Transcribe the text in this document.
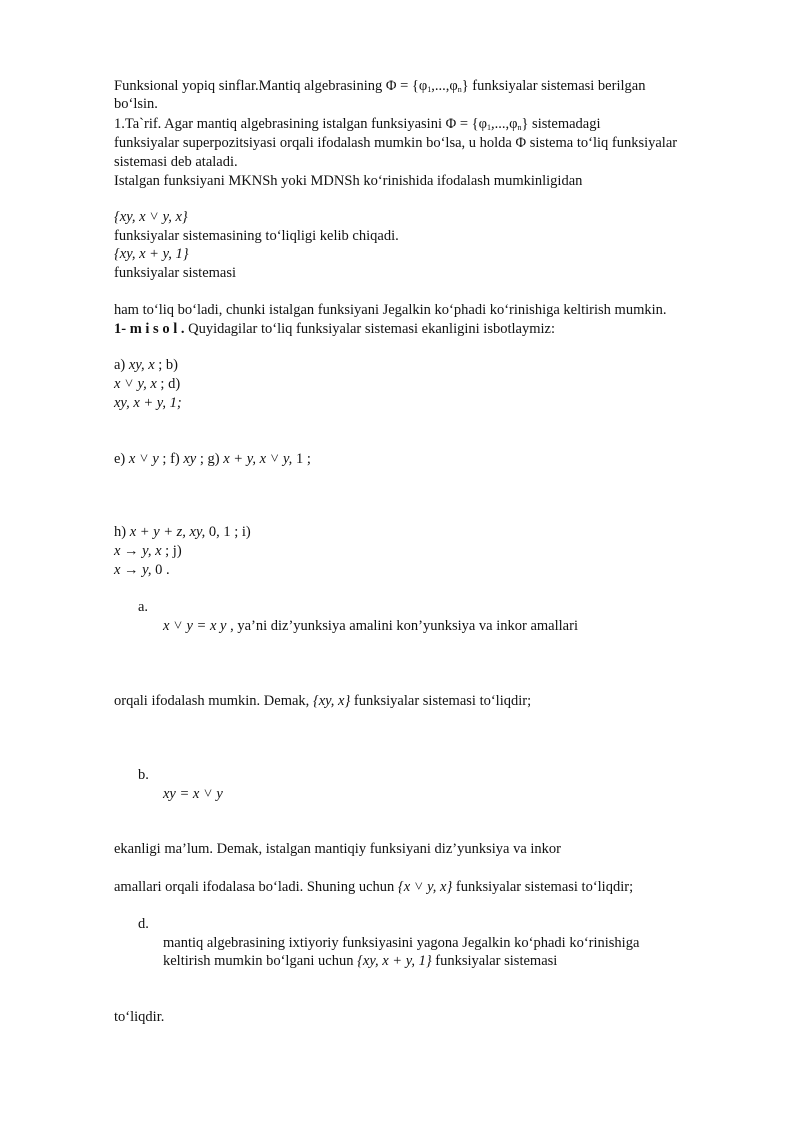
Funksional yopiq sinflar.Mantiq algebrasining $\Phi = \{\varphi_1,...,\varphi_n\}$ funksiyalar sistemasi berilgan

bo‘lsin.

1.Ta`rif. Agar mantiq algebrasining istalgan funksiyasini $\Phi = \{\varphi_1,...,\varphi_n\}$ sistemadagi

funksiyalar superpozitsiyasi orqali ifodalash mumkin bo‘lsa, u holda Φ sistema to‘liq funksiyalar

sistemasi deb ataladi.

Istalgan funksiyani MKNSh yoki MDNSh ko‘rinishida ifodalash mumkinligidan

{xy, x ˅ y, x}

funksiyalar sistemasining to‘liqligi kelib chiqadi.

{xy, x + y, 1}

funksiyalar sistemasi

ham to‘liq bo‘ladi, chunki istalgan funksiyani Jegalkin ko‘phadi ko‘rinishiga keltirish mumkin.

1- m i s o l . Quyidagilar to‘liq funksiyalar sistemasi ekanligini isbotlaymiz:

a) xy, x ; b)

x ˅ y, x ; d)

xy, x + y, 1;

e) x ˅ y ; f) xy ; g) x + y, x ˅ y, 1 ;

h) x + y + z, xy, 0, 1 ; i)

x → y, x ; j)

x → y, 0 .

a.

x ˅ y = x y , ya’ni diz’yunksiya amalini kon’yunksiya va inkor amallari

orqali ifodalash mumkin. Demak, {xy, x} funksiyalar sistemasi to‘liqdir;

b.

xy = x ˅ y

ekanligi ma’lum. Demak, istalgan mantiqiy funksiyani diz’yunksiya va inkor

amallari orqali ifodalasa bo‘ladi. Shuning uchun {x ˅ y, x} funksiyalar sistemasi to‘liqdir;

d.

mantiq algebrasining ixtiyoriy funksiyasini yagona Jegalkin ko‘phadi ko‘rinishiga

keltirish mumkin bo‘lgani uchun {xy, x + y, 1} funksiyalar sistemasi

to‘liqdir.
